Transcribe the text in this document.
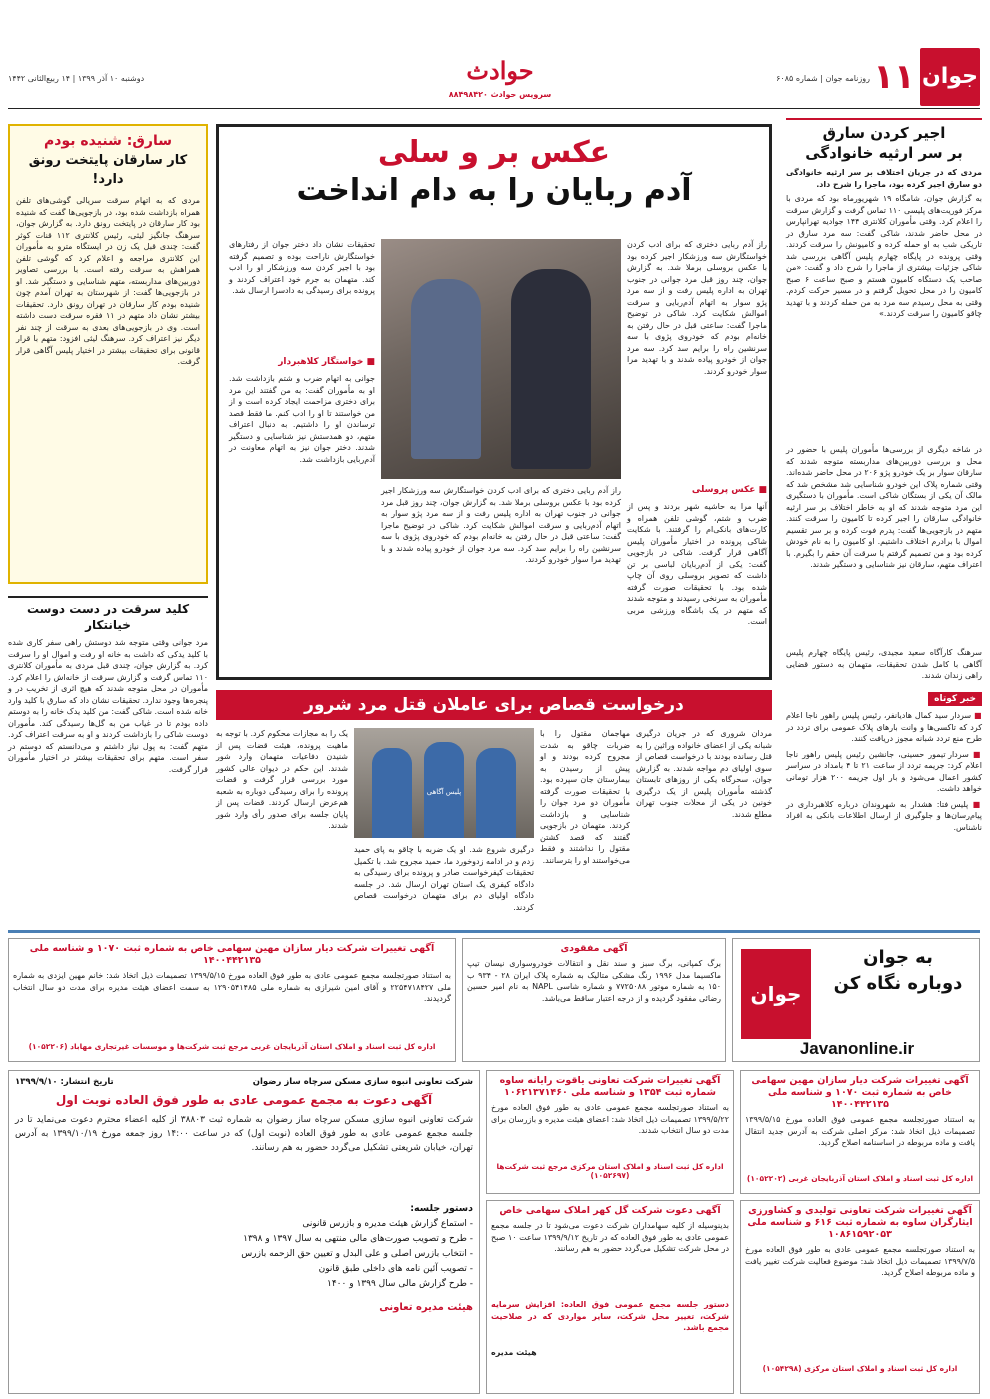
جوان
۱۱
روزنامه جوان | شماره ۶۰۸۵
حوادث
سرویس حوادث ۸۸۴۹۸۴۲۰
دوشنبه ۱۰ آذر ۱۳۹۹ | ۱۴ ربیع‌الثانی ۱۴۴۲
اجیر کردن سارق
بر سر ارثیه خانوادگی
مردی که در جریان اختلاف بر سر ارثیه خانوادگی دو سارق اجیر کرده بود، ماجرا را شرح داد.
به گزارش جوان، شامگاه ۱۹ شهریورماه بود که مردی با مرکز فوریت‌های پلیسی ۱۱۰ تماس گرفت و گزارش سرقت را اعلام کرد. وقتی مأموران کلانتری ۱۴۴ جوادیه تهرانپارس در محل حاضر شدند، شاکی گفت: سه مرد سارق در تاریکی شب به او حمله کرده و کامیونش را سرقت کردند. وقتی پرونده در پایگاه چهارم پلیس آگاهی بررسی شد شاکی جزئیات بیشتری از ماجرا را شرح داد و گفت: «من صاحب یک دستگاه کامیون هستم و صبح ساعت ۶ صبح کامیون را در محل تحویل گرفتم و در مسیر حرکت کردم. وقتی به محل رسیدم سه مرد به من حمله کردند و با تهدید چاقو کامیون را سرقت کردند.»
در شاخه دیگری از بررسی‌ها مأموران پلیس با حضور در محل و بررسی دوربین‌های مداربسته متوجه شدند که سارقان سوار بر یک خودرو پژو ۲۰۶ در محل حاضر شده‌اند. وقتی شماره پلاک این خودرو شناسایی شد مشخص شد که مالک آن یکی از بستگان شاکی است. مأموران با دستگیری این مرد متوجه شدند که او به خاطر اختلاف بر سر ارثیه خانوادگی سارقان را اجیر کرده تا کامیون را سرقت کنند. متهم در بازجویی‌ها گفت: پدرم فوت کرده و بر سر تقسیم اموال با برادرم اختلاف داشتیم. او کامیون را به نام خودش کرده بود و من تصمیم گرفتم با سرقت آن حقم را بگیرم. با اعتراف متهم، سارقان نیز شناسایی و دستگیر شدند.
سرهنگ کارآگاه سعید مجیدی، رئیس پایگاه چهارم پلیس آگاهی با کامل شدن تحقیقات، متهمان به دستور قضایی راهی زندان شدند.
خبر کوتاه
■ سردار سید کمال هادیانفر، رئیس پلیس راهور ناجا اعلام کرد که تاکسی‌ها و وانت بارهای پلاک عمومی برای تردد در طرح منع تردد شبانه مجوز دریافت کنند.
■ سردار تیمور حسینی، جانشین رئیس پلیس راهور ناجا اعلام کرد: جریمه تردد از ساعت ۲۱ تا ۴ بامداد در سراسر کشور اعمال می‌شود و بار اول جریمه ۲۰۰ هزار تومانی خواهد داشت.
■ پلیس فتا: هشدار به شهروندان درباره کلاهبرداری در پیام‌رسان‌ها و جلوگیری از ارسال اطلاعات بانکی به افراد ناشناس.
عکس بر و سلی
آدم ربایان را به دام انداخت
راز آدم ربایی دختری که برای ادب کردن خواستگارش سه ورزشکار اجیر کرده بود با عکس بروسلی برملا شد. به گزارش جوان، چند روز قبل مرد جوانی در جنوب تهران به اداره پلیس رفت و از سه مرد پژو سوار به اتهام آدم‌ربایی و سرقت اموالش شکایت کرد. شاکی در توضیح ماجرا گفت: ساعتی قبل در حال رفتن به خانه‌ام بودم که خودروی پژوی با سه سرنشین راه را برایم سد کرد. سه مرد جوان از خودرو پیاده شدند و با تهدید مرا سوار خودرو کردند.
تحقیقات نشان داد دختر جوان از رفتارهای خواستگارش ناراحت بوده و تصمیم گرفته بود با اجیر کردن سه ورزشکار او را ادب کند. متهمان به جرم خود اعتراف کردند و پرونده برای رسیدگی به دادسرا ارسال شد.
■ خواستگار کلاهبردار
جوانی به اتهام ضرب و شتم بازداشت شد. او به مأموران گفت: به من گفتند این مرد برای دختری مزاحمت ایجاد کرده است و از من خواستند تا او را ادب کنم. ما فقط قصد ترساندن او را داشتیم. به دنبال اعتراف متهم، دو همدستش نیز شناسایی و دستگیر شدند. دختر جوان نیز به اتهام معاونت در آدم‌ربایی بازداشت شد.
■ عکس پروسلی
آنها مرا به حاشیه شهر بردند و پس از ضرب و شتم، گوشی تلفن همراه و کارت‌های بانکی‌ام را گرفتند. با شکایت شاکی پرونده در اختیار مأموران پلیس آگاهی قرار گرفت. شاکی در بازجویی گفت: یکی از آدم‌ربایان لباسی بر تن داشت که تصویر بروسلی روی آن چاپ شده بود. با تحقیقات صورت گرفته مأموران به سرنخی رسیدند و متوجه شدند که متهم در یک باشگاه ورزشی مربی است.
راز آدم ربایی دختری که برای ادب کردن خواستگارش سه ورزشکار اجیر کرده بود با عکس بروسلی برملا شد. به گزارش جوان، چند روز قبل مرد جوانی در جنوب تهران به اداره پلیس رفت و از سه مرد پژو سوار به اتهام آدم‌ربایی و سرقت اموالش شکایت کرد. شاکی در توضیح ماجرا گفت: ساعتی قبل در حال رفتن به خانه‌ام بودم که خودروی پژوی با سه سرنشین راه را برایم سد کرد. سه مرد جوان از خودرو پیاده شدند و با تهدید مرا سوار خودرو کردند.
سارق: شنیده بودم
کار سارقان پایتخت رونق دارد!
مردی که به اتهام سرقت سریالی گوشی‌های تلفن همراه بازداشت شده بود، در بازجویی‌ها گفت که شنیده بود کار سارقان در پایتخت رونق دارد. به گزارش جوان، سرهنگ جانگیز لیثی، رئیس کلانتری ۱۱۲ قنات کوثر گفت: چندی قبل یک زن در ایستگاه مترو به مأموران این کلانتری مراجعه و اعلام کرد که گوشی تلفن همراهش به سرقت رفته است. با بررسی تصاویر دوربین‌های مداربسته، متهم شناسایی و دستگیر شد. او در بازجویی‌ها گفت: از شهرستان به تهران آمدم چون شنیده بودم کار سارقان در تهران رونق دارد. تحقیقات بیشتر نشان داد متهم در ۱۱ فقره سرقت دست داشته است. وی در بازجویی‌های بعدی به سرقت از چند نفر دیگر نیز اعتراف کرد. سرهنگ لیثی افزود: متهم با قرار قانونی برای تحقیقات بیشتر در اختیار پلیس آگاهی قرار گرفت.
کلید سرقت در دست دوست خیانتکار
مرد جوانی وقتی متوجه شد دوستش راهی سفر کاری شده با کلید یدکی که داشت به خانه او رفت و اموال او را سرقت کرد. به گزارش جوان، چندی قبل مردی به مأموران کلانتری ۱۱۰ تماس گرفت و گزارش سرقت از خانه‌اش را اعلام کرد. مأموران در محل متوجه شدند که هیچ اثری از تخریب در و پنجره‌ها وجود ندارد. تحقیقات نشان داد که سارق با کلید وارد خانه شده است. شاکی گفت: من کلید یدک خانه را به دوستم داده بودم تا در غیاب من به گل‌ها رسیدگی کند. مأموران دوست شاکی را بازداشت کردند و او به سرقت اعتراف کرد. متهم گفت: به پول نیاز داشتم و می‌دانستم که دوستم در سفر است. متهم برای تحقیقات بیشتر در اختیار مأموران قرار گرفت.
درخواست قصاص برای عاملان قتل مرد شرور
پلیس آگاهی
مردان شروری که در جریان درگیری شبانه یکی از اعضای خانواده وراثین را به قتل رسانده بودند با درخواست قصاص از سوی اولیای دم مواجه شدند. به گزارش جوان، سحرگاه یکی از روزهای تابستان گذشته مأموران پلیس از یک درگیری خونین در یکی از محلات جنوب تهران مطلع شدند.
مهاجمان مقتول را با ضربات چاقو به شدت مجروح کرده بودند و او پیش از رسیدن به بیمارستان جان سپرده بود. با تحقیقات صورت گرفته مأموران دو مرد جوان را شناسایی و بازداشت کردند. متهمان در بازجویی گفتند که قصد کشتن مقتول را نداشتند و فقط می‌خواستند او را بترسانند.
درگیری شروع شد. او یک ضربه با چاقو به پای حمید زدم و در ادامه زدوخورد ما، حمید مجروح شد. با تکمیل تحقیقات کیفرخواست صادر و پرونده برای رسیدگی به دادگاه کیفری یک استان تهران ارسال شد. در جلسه دادگاه اولیای دم برای متهمان درخواست قصاص کردند.
یک را به مجازات محکوم کرد. با توجه به ماهیت پرونده، هیئت قضات پس از شنیدن دفاعیات متهمان وارد شور شدند. این حکم در دیوان عالی کشور مورد بررسی قرار گرفت و قضات پرونده را برای رسیدگی دوباره به شعبه هم‌عرض ارسال کردند. قضات پس از پایان جلسه برای صدور رأی وارد شور شدند.
جوان
به جوان
دوباره نگاه کن
Javanonline.ir
آگهی تغییرات شرکت دیار سازان مهین سهامی خاص به شماره ثبت ۱۰۷۰ و شناسه ملی ۱۴۰۰۴۴۲۱۳۵
به استناد صورتجلسه مجمع عمومی عادی به طور فوق العاده مورخ ۱۳۹۹/۵/۱۵ تصمیمات ذیل اتخاذ شد: خانم مهین ایزدی به شماره ملی ۲۲۵۴۷۱۸۴۲۷ و آقای امین شیرازی به شماره ملی ۱۲۹۰۵۴۱۴۸۵ به سمت اعضای هیئت مدیره برای مدت دو سال انتخاب گردیدند.
اداره کل ثبت اسناد و املاک استان آذربایجان غربی مرجع ثبت شرکت‌ها و موسسات غیرتجاری مهاباد (۱۰۵۲۲۰۶)
آگهی مفقودی
برگ کمپانی، برگ سبز و سند نقل و انتقالات خودروسواری نیسان تیپ ماکسیما مدل ۱۹۹۶ رنگ مشکی متالیک به شماره پلاک ایران ۲۸ - ۹۳۴ ب ۱۵۰ به شماره موتور ۷۷۲۵۰۸۸ و شماره شاسی NAPL به نام امیر حسین رضائی مفقود گردیده و از درجه اعتبار ساقط می‌باشد.
آگهی تغییرات شرکت دیار سازان مهین سهامی خاص به شماره ثبت ۱۰۷۰ و شناسه ملی ۱۴۰۰۴۴۲۱۳۵
به استناد صورتجلسه مجمع عمومی فوق العاده مورخ ۱۳۹۹/۵/۱۵ تصمیمات ذیل اتخاذ شد: مرکز اصلی شرکت به آدرس جدید انتقال یافت و ماده مربوطه در اساسنامه اصلاح گردید.
اداره کل ثبت اسناد و املاک استان آذربایجان غربی (۱۰۵۲۲۰۲)
آگهی تغییرات شرکت تعاونی یاقوت رایانه ساوه شماره ثبت ۱۳۵۴ و شناسه ملی ۱۰۶۲۱۳۷۱۴۶۰
به استناد صورتجلسه مجمع عمومی عادی به طور فوق العاده مورخ ۱۳۹۹/۵/۲۲ تصمیمات ذیل اتخاذ شد: اعضای هیئت مدیره و بازرسان برای مدت دو سال انتخاب شدند.
اداره کل ثبت اسناد و املاک استان مرکزی مرجع ثبت شرکت‌ها (۱۰۵۲۶۹۷)
آگهی تغییرات شرکت تعاونی تولیدی و کشاورزی ایثارگران ساوه به شماره ثبت ۶۱۶ و شناسه ملی ۱۰۸۶۱۵۹۲۰۵۳
به استناد صورتجلسه مجمع عمومی عادی به طور فوق العاده مورخ ۱۳۹۹/۷/۵ تصمیمات ذیل اتخاذ شد: موضوع فعالیت شرکت تغییر یافت و ماده مربوطه اصلاح گردید.
اداره کل ثبت اسناد و املاک استان مرکزی (۱۰۵۴۲۹۸)
آگهی دعوت شرکت گل کهر املاک سهامی خاص
بدینوسیله از کلیه سهامداران شرکت دعوت می‌شود تا در جلسه مجمع عمومی عادی به طور فوق العاده که در تاریخ ۱۳۹۹/۹/۱۲ ساعت ۱۰ صبح در محل شرکت تشکیل می‌گردد حضور به هم رسانند.
دستور جلسه مجمع عمومی فوق العاده: افزایش سرمایه شرکت، تغییر محل شرکت، سایر مواردی که در صلاحیت مجمع باشد.
هیئت مدیره
شرکت تعاونی انبوه سازی مسکن سرچاه ساز رضوان
تاریخ انتشار: ۱۳۹۹/۹/۱۰
آگهی دعوت به مجمع عمومی عادی به طور فوق العاده نوبت اول
شرکت تعاونی انبوه سازی مسکن سرچاه ساز رضوان به شماره ثبت ۳۸۸۰۳ از کلیه اعضاء محترم دعوت می‌نماید تا در جلسه مجمع عمومی عادی به طور فوق العاده (نوبت اول) که در ساعت ۱۴:۰۰ روز جمعه مورخ ۱۳۹۹/۱۰/۱۹ به آدرس تهران، خیابان شریعتی تشکیل می‌گردد حضور به هم رسانند.
دستور جلسه:
- استماع گزارش هیئت مدیره و بازرس قانونی
- طرح و تصویب صورت‌های مالی منتهی به سال ۱۳۹۷ و ۱۳۹۸
- انتخاب بازرس اصلی و علی البدل و تعیین حق الزحمه بازرس
- تصویب آئین نامه های داخلی طبق قانون
- طرح گزارش مالی سال ۱۳۹۹ و ۱۴۰۰
هیئت مدیره تعاونی
